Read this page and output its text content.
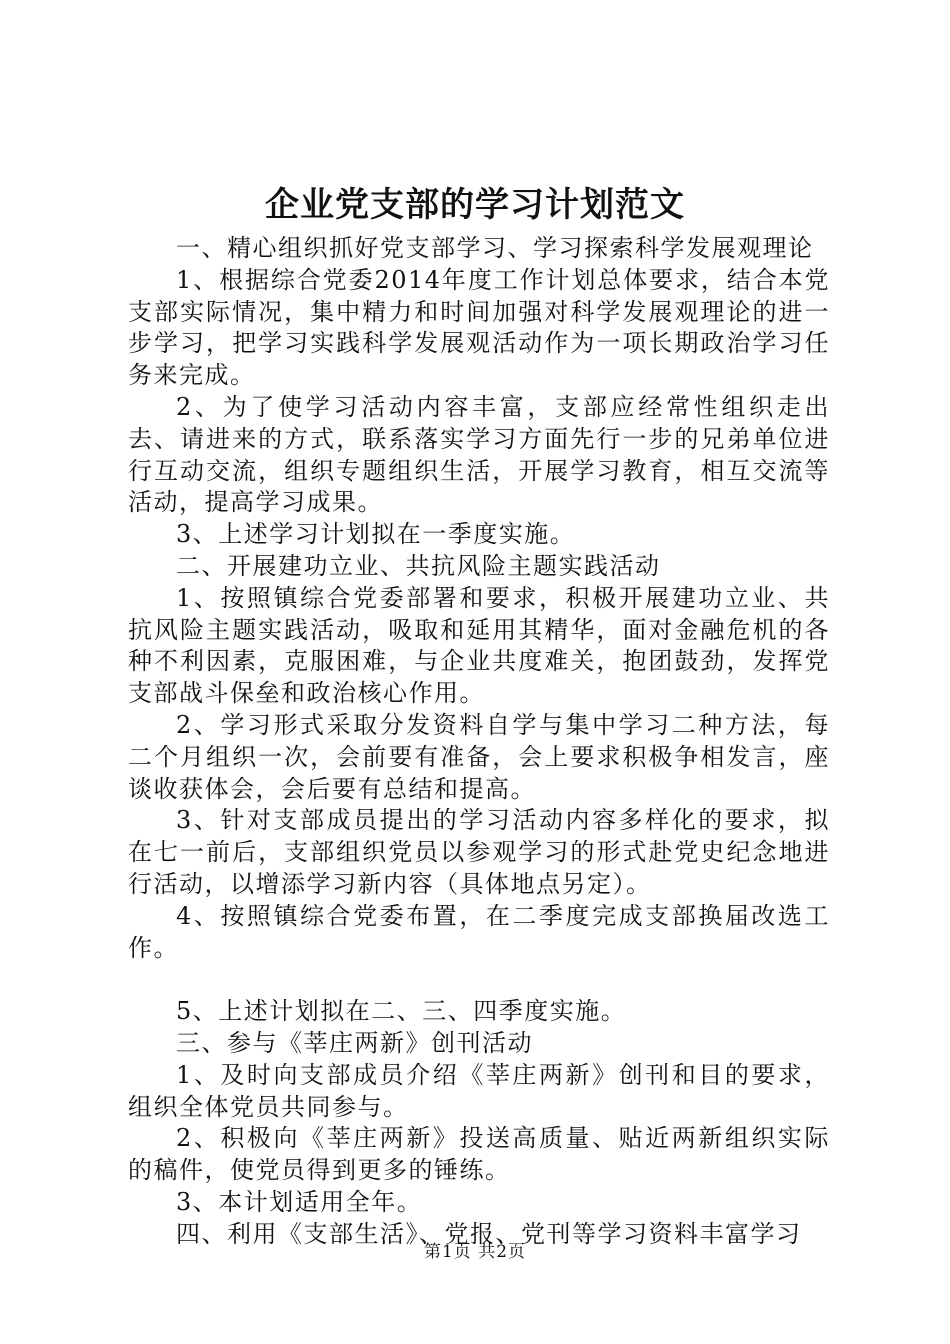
企业党支部的学习计划范文

一、精心组织抓好党支部学习、学习探索科学发展观理论

1、根据综合党委2014年度工作计划总体要求，结合本党支部实际情况，集中精力和时间加强对科学发展观理论的进一步学习，把学习实践科学发展观活动作为一项长期政治学习任务来完成。

2、为了使学习活动内容丰富，支部应经常性组织走出去、请进来的方式，联系落实学习方面先行一步的兄弟单位进行互动交流，组织专题组织生活，开展学习教育，相互交流等活动，提高学习成果。

3、上述学习计划拟在一季度实施。

二、开展建功立业、共抗风险主题实践活动

1、按照镇综合党委部署和要求，积极开展建功立业、共抗风险主题实践活动，吸取和延用其精华，面对金融危机的各种不利因素，克服困难，与企业共度难关，抱团鼓劲，发挥党支部战斗保垒和政治核心作用。

2、学习形式采取分发资料自学与集中学习二种方法，每二个月组织一次，会前要有准备，会上要求积极争相发言，座谈收获体会，会后要有总结和提高。

3、针对支部成员提出的学习活动内容多样化的要求，拟在七一前后，支部组织党员以参观学习的形式赴党史纪念地进行活动，以增添学习新内容（具体地点另定）。

4、按照镇综合党委布置，在二季度完成支部换届改选工作。

5、上述计划拟在二、三、四季度实施。

三、参与《莘庄两新》创刊活动

1、及时向支部成员介绍《莘庄两新》创刊和目的要求，组织全体党员共同参与。

2、积极向《莘庄两新》投送高质量、贴近两新组织实际的稿件，使党员得到更多的锤练。

3、本计划适用全年。

四、利用《支部生活》、党报、党刊等学习资料丰富学习

第1页 共2页
